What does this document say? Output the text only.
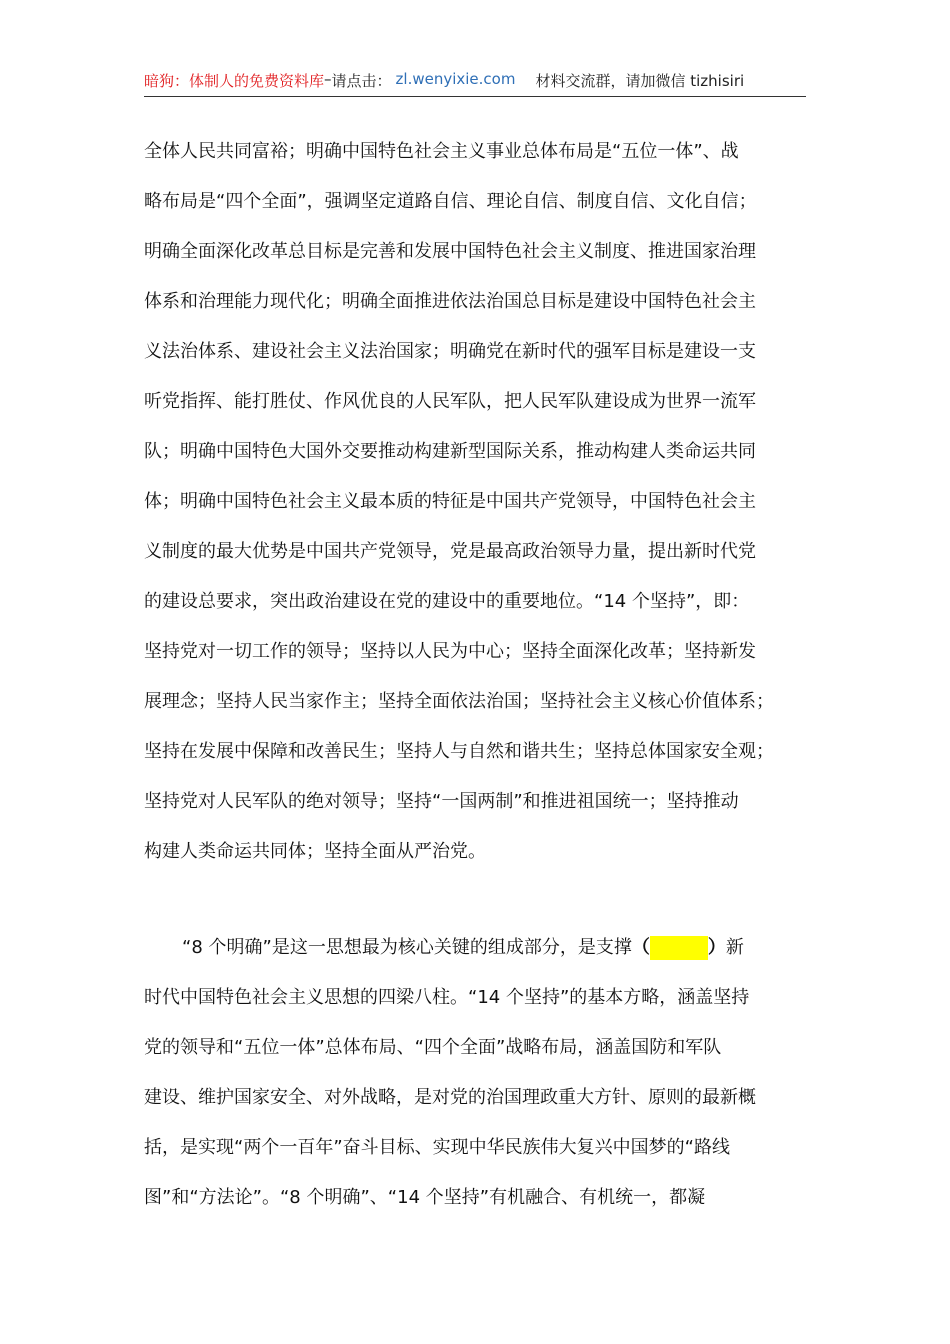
暗狗：体制人的免费资料库–请点击： zl.wenyixie.com 材料交流群，请加微信 tizhisiri
全体人民共同富裕；明确中国特色社会主义事业总体布局是“五位一体”、战
略布局是“四个全面”，强调坚定道路自信、理论自信、制度自信、文化自信；
明确全面深化改革总目标是完善和发展中国特色社会主义制度、推进国家治理
体系和治理能力现代化；明确全面推进依法治国总目标是建设中国特色社会主
义法治体系、建设社会主义法治国家；明确党在新时代的强军目标是建设一支
听党指挥、能打胜仗、作风优良的人民军队，把人民军队建设成为世界一流军
队；明确中国特色大国外交要推动构建新型国际关系，推动构建人类命运共同
体；明确中国特色社会主义最本质的特征是中国共产党领导，中国特色社会主
义制度的最大优势是中国共产党领导，党是最高政治领导力量，提出新时代党
的建设总要求，突出政治建设在党的建设中的重要地位。“14 个坚持”，即：
坚持党对一切工作的领导；坚持以人民为中心；坚持全面深化改革；坚持新发
展理念；坚持人民当家作主；坚持全面依法治国；坚持社会主义核心价值体系；
坚持在发展中保障和改善民生；坚持人与自然和谐共生；坚持总体国家安全观；
坚持党对人民军队的绝对领导；坚持“一国两制”和推进祖国统一；坚持推动
构建人类命运共同体；坚持全面从严治党。
“8 个明确”是这一思想最为核心关键的组成部分，是支撑（	）新
时代中国特色社会主义思想的四梁八柱。“14 个坚持”的基本方略，涵盖坚持
党的领导和“五位一体”总体布局、“四个全面”战略布局，涵盖国防和军队
建设、维护国家安全、对外战略，是对党的治国理政重大方针、原则的最新概
括，是实现“两个一百年”奋斗目标、实现中华民族伟大复兴中国梦的“路线
图”和“方法论”。“8 个明确”、“14 个坚持”有机融合、有机统一，都凝
